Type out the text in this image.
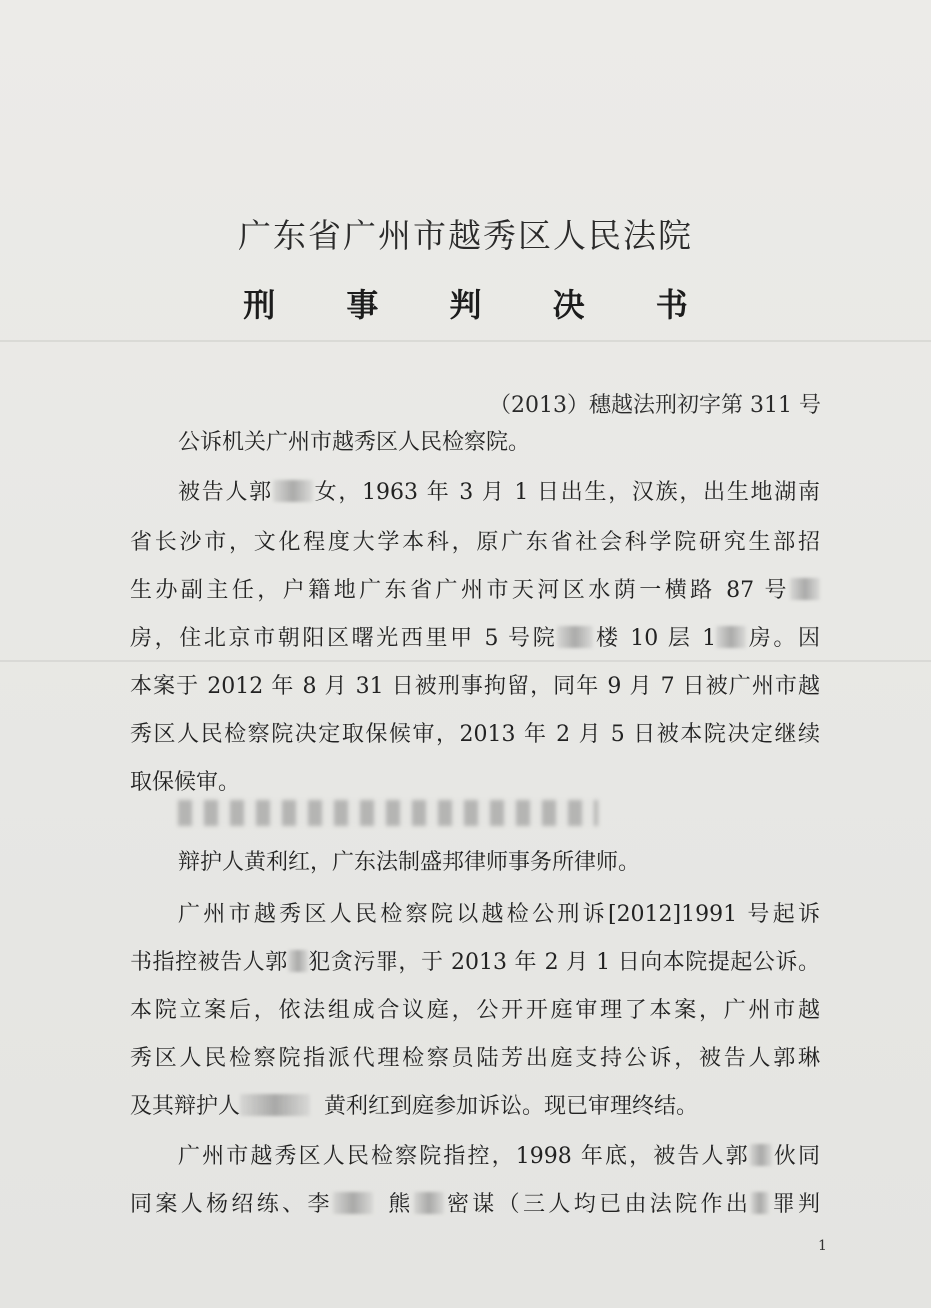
广东省广州市越秀区人民法院
刑 事 判 决 书
（2013）穗越法刑初字第 311 号
公诉机关广州市越秀区人民检察院。
被告人郭 女，1963 年 3 月 1 日出生，汉族，出生地湖南
省长沙市，文化程度大学本科，原广东省社会科学院研究生部招
生办副主任，户籍地广东省广州市天河区水荫一横路 87 号
房，住北京市朝阳区曙光西里甲 5 号院 楼 10 层 1 房。因
本案于 2012 年 8 月 31 日被刑事拘留，同年 9 月 7 日被广州市越
秀区人民检察院决定取保候审，2013 年 2 月 5 日被本院决定继续
取保候审。
辩护人黄利红，广东法制盛邦律师事务所律师。
广州市越秀区人民检察院以越检公刑诉[2012]1991 号起诉
书指控被告人郭 犯贪污罪，于 2013 年 2 月 1 日向本院提起公诉。
本院立案后，依法组成合议庭，公开开庭审理了本案，广州市越
秀区人民检察院指派代理检察员陆芳出庭支持公诉，被告人郭琳
及其辩护人	黄利红到庭参加诉讼。现已审理终结。
广州市越秀区人民检察院指控，1998 年底，被告人郭 伙同
同案人杨绍练、李 熊 密谋（三人均已由法院作出 罪判
1
